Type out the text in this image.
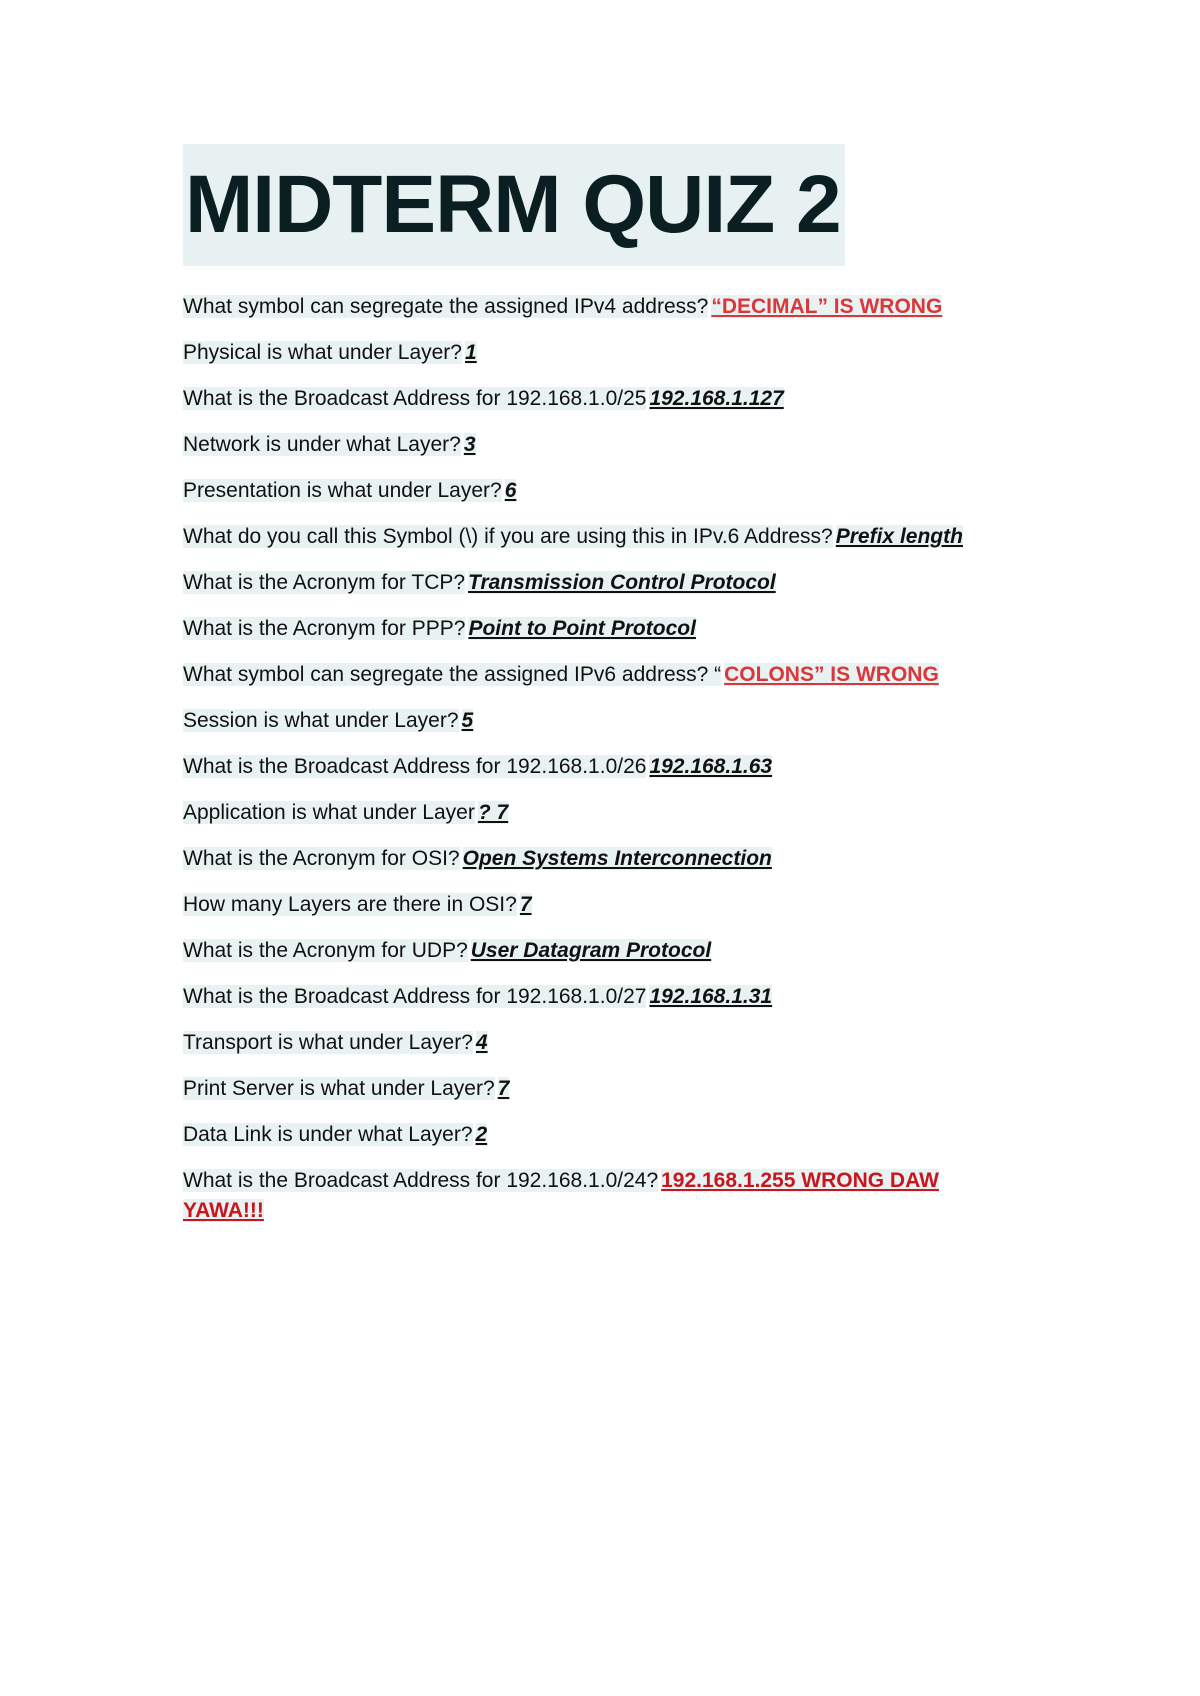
MIDTERM QUIZ 2
What symbol can segregate the assigned IPv4 address? “DECIMAL” IS WRONG
Physical is what under Layer? 1
What is the Broadcast Address for 192.168.1.0/25 192.168.1.127
Network is under what Layer? 3
Presentation is what under Layer? 6
What do you call this Symbol (\) if you are using this in IPv.6 Address? Prefix length
What is the Acronym for TCP? Transmission Control Protocol
What is the Acronym for PPP? Point to Point Protocol
What symbol can segregate the assigned IPv6 address? “ COLONS” IS WRONG
Session is what under Layer? 5
What is the Broadcast Address for 192.168.1.0/26 192.168.1.63
Application is what under Layer ? 7
What is the Acronym for OSI? Open Systems Interconnection
How many Layers are there in OSI? 7
What is the Acronym for UDP? User Datagram Protocol
What is the Broadcast Address for 192.168.1.0/27 192.168.1.31
Transport is what under Layer? 4
Print Server is what under Layer? 7
Data Link is under what Layer? 2
What is the Broadcast Address for 192.168.1.0/24? 192.168.1.255 WRONG DAW YAWA!!!
